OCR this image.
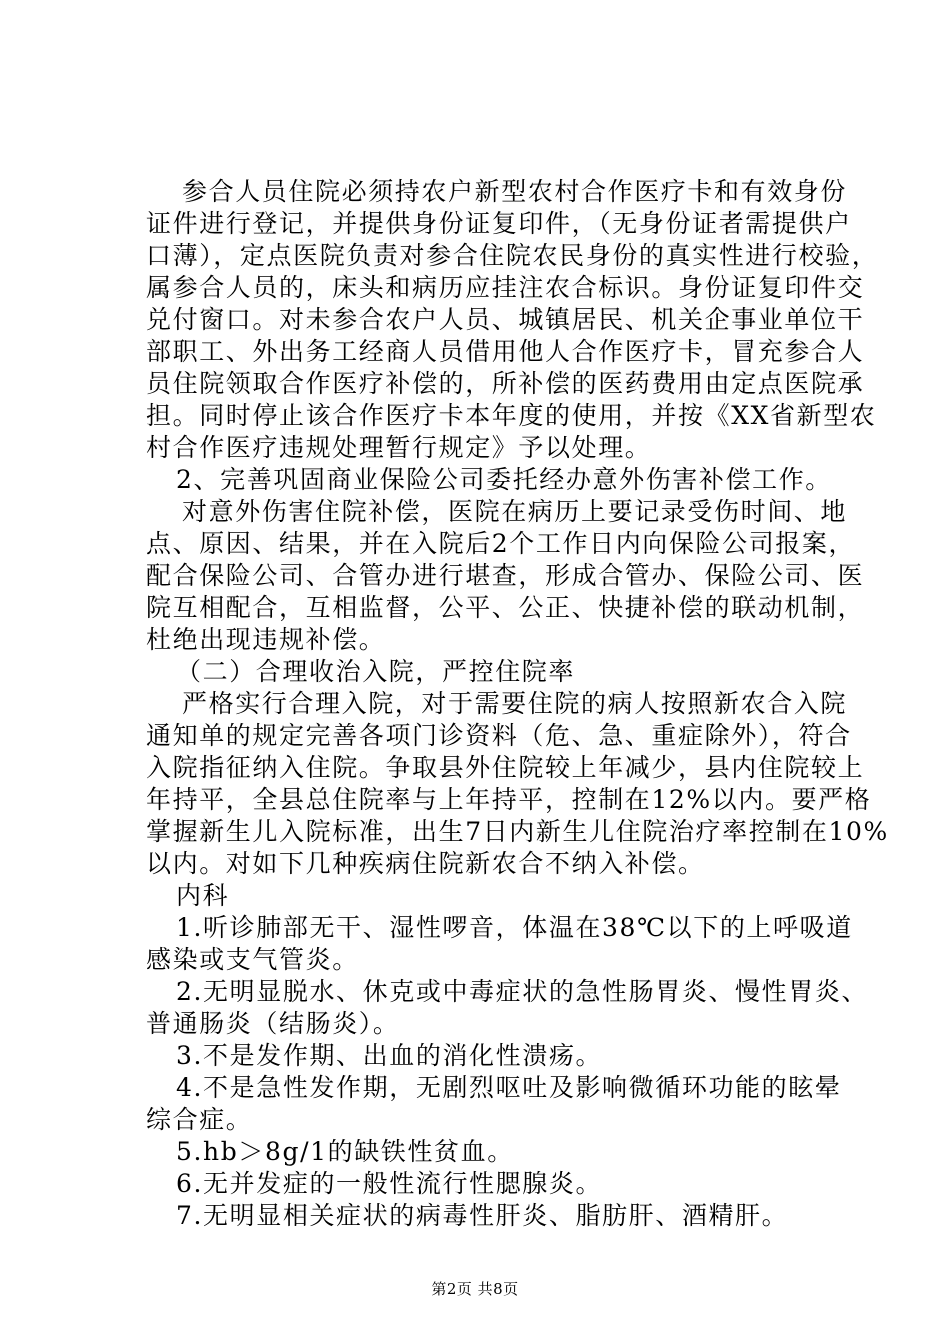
参合人员住院必须持农户新型农村合作医疗卡和有效身份
证件进行登记，并提供身份证复印件，（无身份证者需提供户
口薄），定点医院负责对参合住院农民身份的真实性进行校验，
属参合人员的，床头和病历应挂注农合标识。身份证复印件交
兑付窗口。对未参合农户人员、城镇居民、机关企事业单位干
部职工、外出务工经商人员借用他人合作医疗卡，冒充参合人
员住院领取合作医疗补偿的，所补偿的医药费用由定点医院承
担。同时停止该合作医疗卡本年度的使用，并按《XX省新型农
村合作医疗违规处理暂行规定》予以处理。
2、完善巩固商业保险公司委托经办意外伤害补偿工作。
对意外伤害住院补偿，医院在病历上要记录受伤时间、地
点、原因、结果，并在入院后2个工作日内向保险公司报案，
配合保险公司、合管办进行堪查，形成合管办、保险公司、医
院互相配合，互相监督，公平、公正、快捷补偿的联动机制，
杜绝出现违规补偿。
（二）合理收治入院，严控住院率
严格实行合理入院，对于需要住院的病人按照新农合入院
通知单的规定完善各项门诊资料（危、急、重症除外），符合
入院指征纳入住院。争取县外住院较上年减少，县内住院较上
年持平，全县总住院率与上年持平，控制在12%以内。要严格
掌握新生儿入院标准，出生7日内新生儿住院治疗率控制在10%
以内。对如下几种疾病住院新农合不纳入补偿。
内科
1.听诊肺部无干、湿性啰音，体温在38℃以下的上呼吸道
感染或支气管炎。
2.无明显脱水、休克或中毒症状的急性肠胃炎、慢性胃炎、
普通肠炎（结肠炎）。
3.不是发作期、出血的消化性溃疡。
4.不是急性发作期，无剧烈呕吐及影响微循环功能的眩晕
综合症。
5.hb＞8g/1的缺铁性贫血。
6.无并发症的一般性流行性腮腺炎。
7.无明显相关症状的病毒性肝炎、脂肪肝、酒精肝。
第2页 共8页
